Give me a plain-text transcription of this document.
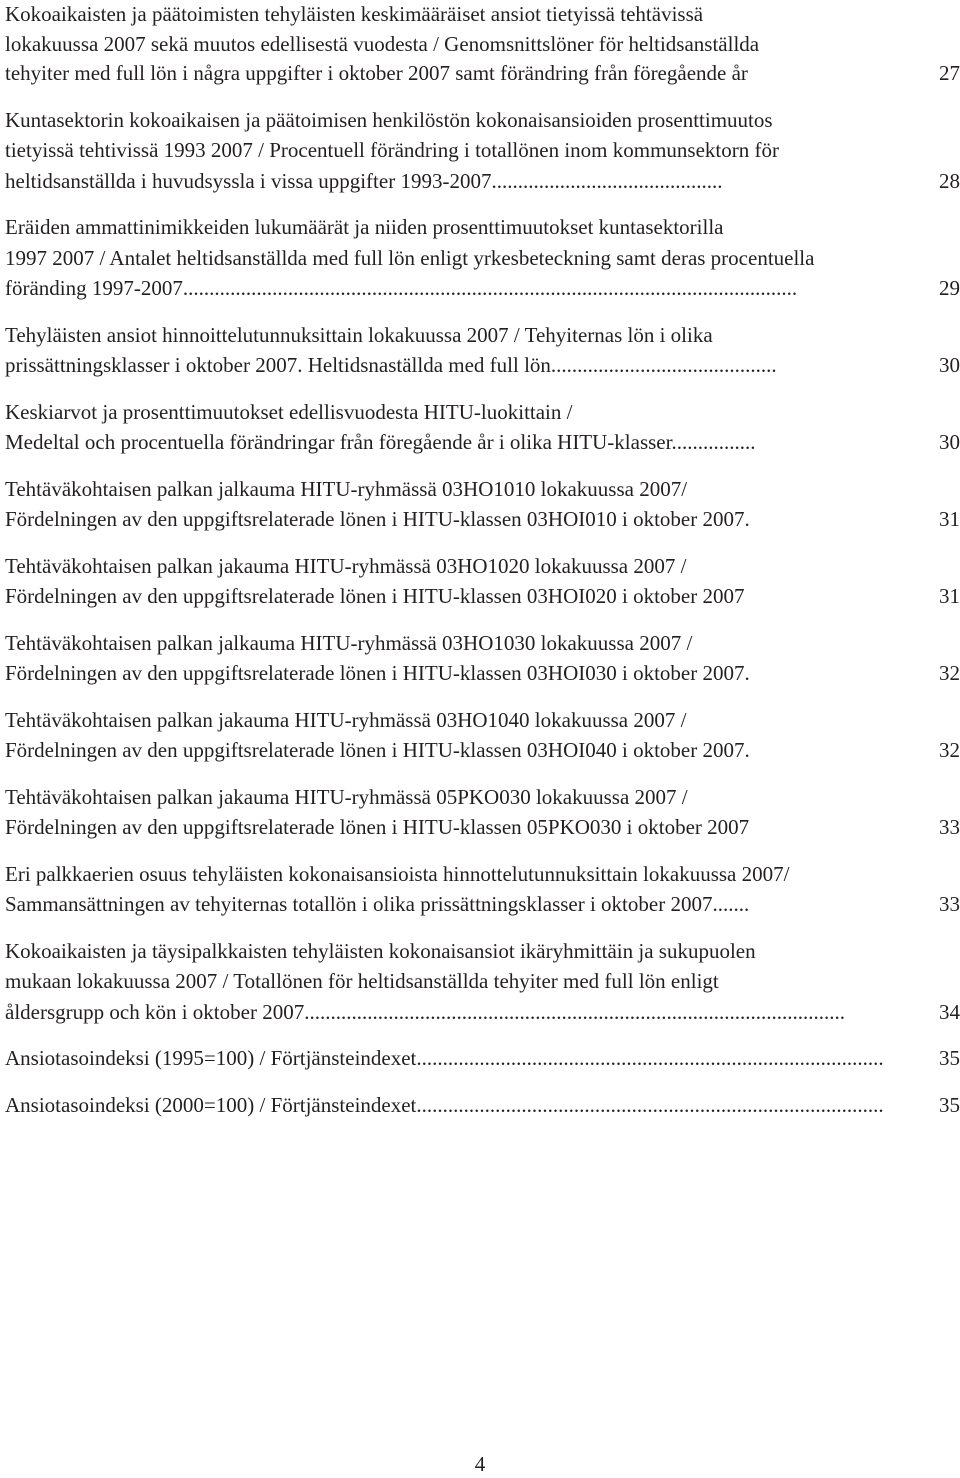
Kokoaikaisten ja päätoimisten tehyläisten keskimääräiset ansiot tietyissä tehtävissä
lokakuussa 2007 sekä muutos edellisestä vuodesta / Genomsnittslöner för heltidsanställda
tehyiter med full lön i några uppgifter i oktober 2007 samt förändring från föregående år	27
Kuntasektorin kokoaikaisen ja päätoimisen henkilöstön kokonaisansioiden prosenttimuutos
tietyissä tehtivissä 1993 2007 / Procentuell förändring i totallönen inom kommunsektorn för
heltidsanställda i huvudsyssla i vissa uppgifter 1993-2007. ...........................................	28
Eräiden ammattinimikkeiden lukumäärät ja niiden prosenttimuutokset kuntasektorilla
1997 2007 / Antalet heltidsanställda med full lön enligt yrkesbeteckning samt deras procentuella
föränding 1997-2007. ....................................................................................................................	29
Tehyläisten ansiot hinnoittelutunnuksittain lokakuussa 2007 / Tehyiternas lön i olika
prissättningsklasser i oktober 2007. Heltidsnaställda med full lön ...........................................	30
Keskiarvot ja prosenttimuutokset edellisvuodesta HITU-luokittain /
Medeltal och procentuella förändringar från föregående år i olika HITU-klasser. ...............	30
Tehtäväkohtaisen palkan jalkauma HITU-ryhmässä 03HO1010 lokakuussa 2007/
Fördelningen av den uppgiftsrelaterade lönen i HITU-klassen 03HOI010 i oktober 2007.	31
Tehtäväkohtaisen palkan jakauma HITU-ryhmässä 03HO1020 lokakuussa 2007 /
Fördelningen av den uppgiftsrelaterade lönen i HITU-klassen 03HOI020 i oktober 2007	31
Tehtäväkohtaisen palkan jalkauma HITU-ryhmässä 03HO1030 lokakuussa 2007 /
Fördelningen av den uppgiftsrelaterade lönen i HITU-klassen 03HOI030 i oktober 2007.	32
Tehtäväkohtaisen palkan jakauma HITU-ryhmässä 03HO1040 lokakuussa 2007 /
Fördelningen av den uppgiftsrelaterade lönen i HITU-klassen 03HOI040 i oktober 2007.	32
Tehtäväkohtaisen palkan jakauma HITU-ryhmässä 05PKO030 lokakuussa 2007 /
Fördelningen av den uppgiftsrelaterade lönen i HITU-klassen 05PKO030 i oktober 2007	33
Eri palkkaerien osuus tehyläisten kokonaisansioista hinnottelutunnuksittain lokakuussa 2007/
Sammansättningen av tehyiternas totallön i olika prissättningsklasser i oktober 2007. ......	33
Kokoaikaisten ja täysipalkkaisten tehyläisten kokonaisansiot ikäryhmittäin ja sukupuolen
mukaan lokakuussa 2007 / Totallönen för heltidsanställda tehyiter med full lön enligt
åldersgrupp och kön i oktober 2007 .......................................................................................................	34
Ansiotasoindeksi (1995=100) / Förtjänsteindexet .........................................................................................	35
Ansiotasoindeksi (2000=100) / Förtjänsteindexet .........................................................................................	35
4
